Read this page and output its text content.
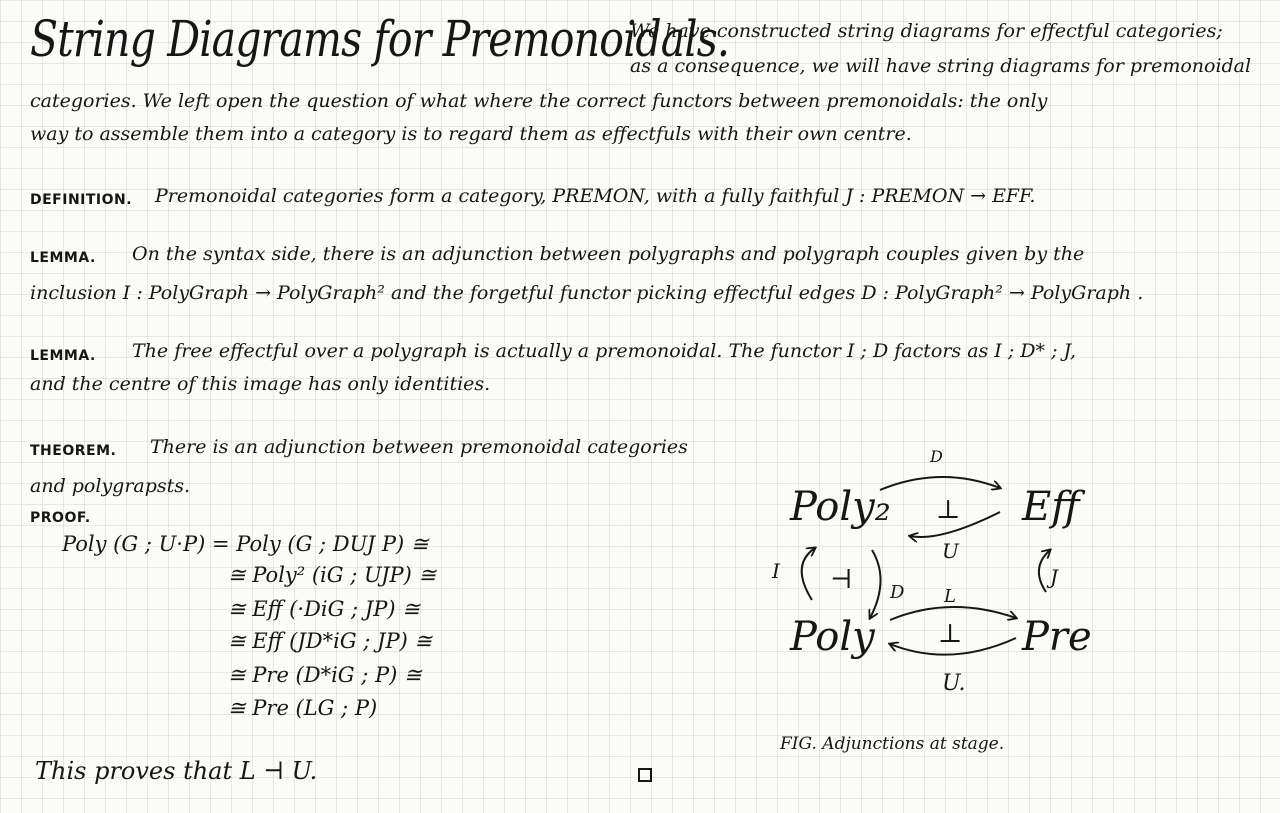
String Diagrams for Premonoidals.
We have constructed string diagrams for effectful categories;
as a consequence, we will have string diagrams for premonoidal
categories. We left open the question of what where the correct functors between premonoidals: the only
way to assemble them into a category is to regard them as effectfuls with their own centre.
DEFINITION. Premonoidal categories form a category, PREMON, with a fully faithful J : PREMON → EFF.
LEMMA. On the syntax side, there is an adjunction between polygraphs and polygraph couples given by the
inclusion I : PolyGraph → PolyGraph² and the forgetful functor picking effectful edges D : PolyGraph² → PolyGraph .
LEMMA. The free effectful over a polygraph is actually a premonoidal. The functor I ; D factors as I ; D* ; J,
and the centre of this image has only identities.
THEOREM. There is an adjunction between premonoidal categories
and polygrapsts.
PROOF.
Poly (G ; U·P) = Poly (G ; DUJ P) ≅
≅ Poly² (iG ; UJP) ≅
≅ Eff (·DiG ; JP) ≅
≅ Eff (JD*iG ; JP) ≅
≅ Pre (D*iG ; P) ≅
≅ Pre (LG ; P)
This proves that L ⊣ U.
Poly₂	Eff
Poly	Pre
D
U
⊥
I
D
⊣	J
L
U.
⊥
FIG. Adjunctions at stage.
